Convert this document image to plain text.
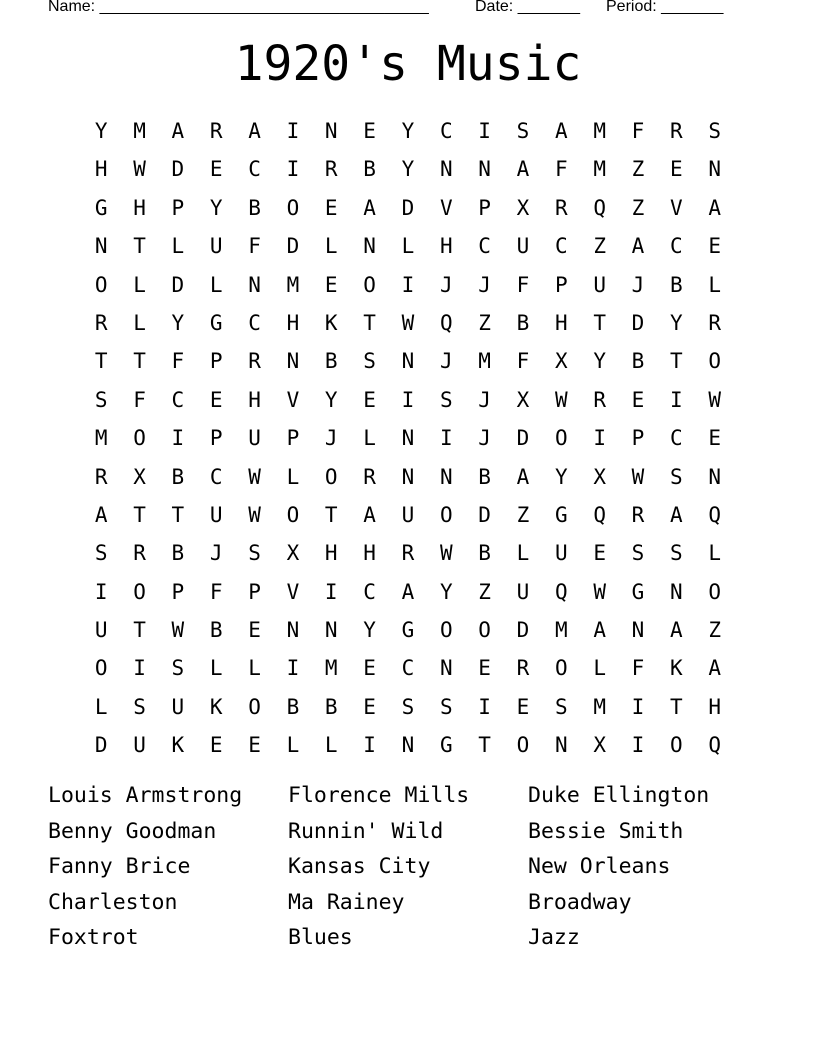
Name: _____________________________________

	Date: _______

Period: _______

1920's Music
Y	M	A	R	A	I	N	E	Y	C	I	S	A	M	F	R	S
H	W	D	E	C	I	R	B	Y	N	N	A	F	M	Z	E	N
G	H	P	Y	B	O	E	A	D	V	P	X	R	Q	Z	V	A
N	T	L	U	F	D	L	N	L	H	C	U	C	Z	A	C	E
O	L	D	L	N	M	E	O	I	J	J	F	P	U	J	B	L
R	L	Y	G	C	H	K	T	W	Q	Z	B	H	T	D	Y	R
T	T	F	P	R	N	B	S	N	J	M	F	X	Y	B	T	O
S	F	C	E	H	V	Y	E	I	S	J	X	W	R	E	I	W
M	O	I	P	U	P	J	L	N	I	J	D	O	I	P	C	E
R	X	B	C	W	L	O	R	N	N	B	A	Y	X	W	S	N
A	T	T	U	W	O	T	A	U	O	D	Z	G	Q	R	A	Q
S	R	B	J	S	X	H	H	R	W	B	L	U	E	S	S	L
I	O	P	F	P	V	I	C	A	Y	Z	U	Q	W	G	N	O
U	T	W	B	E	N	N	Y	G	O	O	D	M	A	N	A	Z
O	I	S	L	L	I	M	E	C	N	E	R	O	L	F	K	A
L	S	U	K	O	B	B	E	S	S	I	E	S	M	I	T	H
D	U	K	E	E	L	L	I	N	G	T	O	N	X	I	O	Q
Louis Armstrong	Florence Mills	Duke Ellington
Benny Goodman	Runnin' Wild	Bessie Smith
Fanny Brice	Kansas City	New Orleans
Charleston	Ma Rainey	Broadway
Foxtrot	Blues	Jazz
